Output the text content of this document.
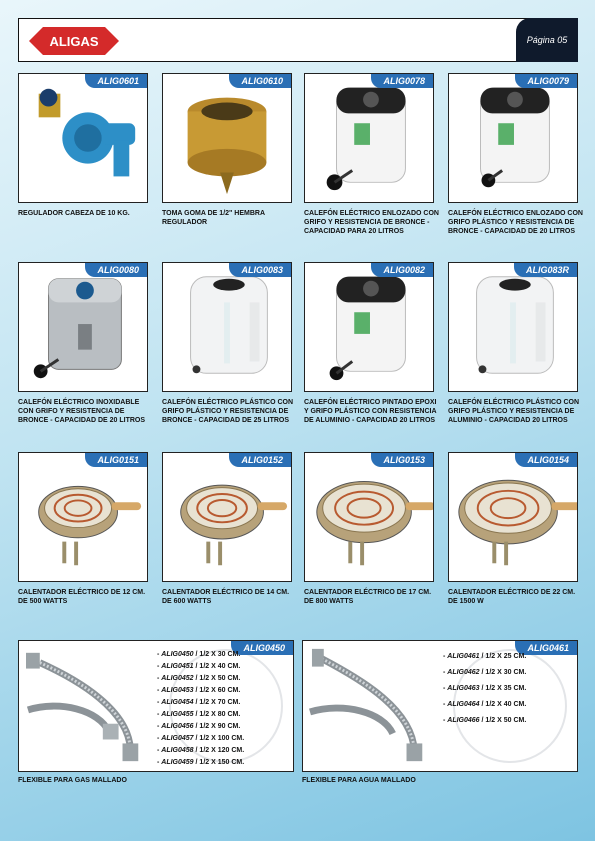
ALIGAS	Página 05
ALIG0601
REGULADOR CABEZA DE 10 KG.
ALIG0610
TOMA GOMA DE 1/2" HEMBRA REGULADOR
ALIG0078
CALEFÓN ELÉCTRICO ENLOZADO CON GRIFO Y RESISTENCIA DE BRONCE - CAPACIDAD PARA 20 LITROS
ALIG0079
CALEFÓN ELÉCTRICO ENLOZADO CON GRIFO PLÁSTICO Y RESISTENCIA DE BRONCE - CAPACIDAD DE 20 LITROS
ALIG0080
CALEFÓN ELÉCTRICO INOXIDABLE CON GRIFO Y RESISTENCIA DE BRONCE - CAPACIDAD DE 20 LITROS
ALIG0083
CALEFÓN ELÉCTRICO PLÁSTICO CON GRIFO PLÁSTICO Y RESISTENCIA DE BRONCE - CAPACIDAD DE 25 LITROS
ALIG0082
CALEFÓN ELÉCTRICO PINTADO EPOXI Y GRIFO PLÁSTICO CON RESISTENCIA DE ALUMINIO - CAPACIDAD 20 LITROS
ALIG083R
CALEFÓN ELÉCTRICO PLÁSTICO CON GRIFO PLÁSTICO Y RESISTENCIA DE ALUMINIO - CAPACIDAD 20 LITROS
ALIG0151
CALENTADOR ELÉCTRICO DE 12 CM. DE 500 WATTS
ALIG0152
CALENTADOR ELÉCTRICO DE 14 CM. DE 600 WATTS
ALIG0153
CALENTADOR ELÉCTRICO DE 17 CM. DE 800 WATTS
ALIG0154
CALENTADOR ELÉCTRICO DE 22 CM. DE 1500 W
ALIG0450
- ALIG0450 / 1/2 X 30 CM.
- ALIG0451 / 1/2 X 40 CM.
- ALIG0452 / 1/2 X 50 CM.
- ALIG0453 / 1/2 X 60 CM.
- ALIG0454 / 1/2 X 70 CM.
- ALIG0455 / 1/2 X 80 CM.
- ALIG0456 / 1/2 X 90 CM.
- ALIG0457 / 1/2 X 100 CM.
- ALIG0458 / 1/2 X 120 CM.
- ALIG0459 / 1/2 X 150 CM.
FLEXIBLE PARA GAS MALLADO
ALIG0461
- ALIG0461 / 1/2 X 25 CM.
- ALIG0462 / 1/2 X 30 CM.
- ALIG0463 / 1/2 X 35 CM.
- ALIG0464 / 1/2 X 40 CM.
- ALIG0466 / 1/2 X 50 CM.
FLEXIBLE PARA AGUA MALLADO
